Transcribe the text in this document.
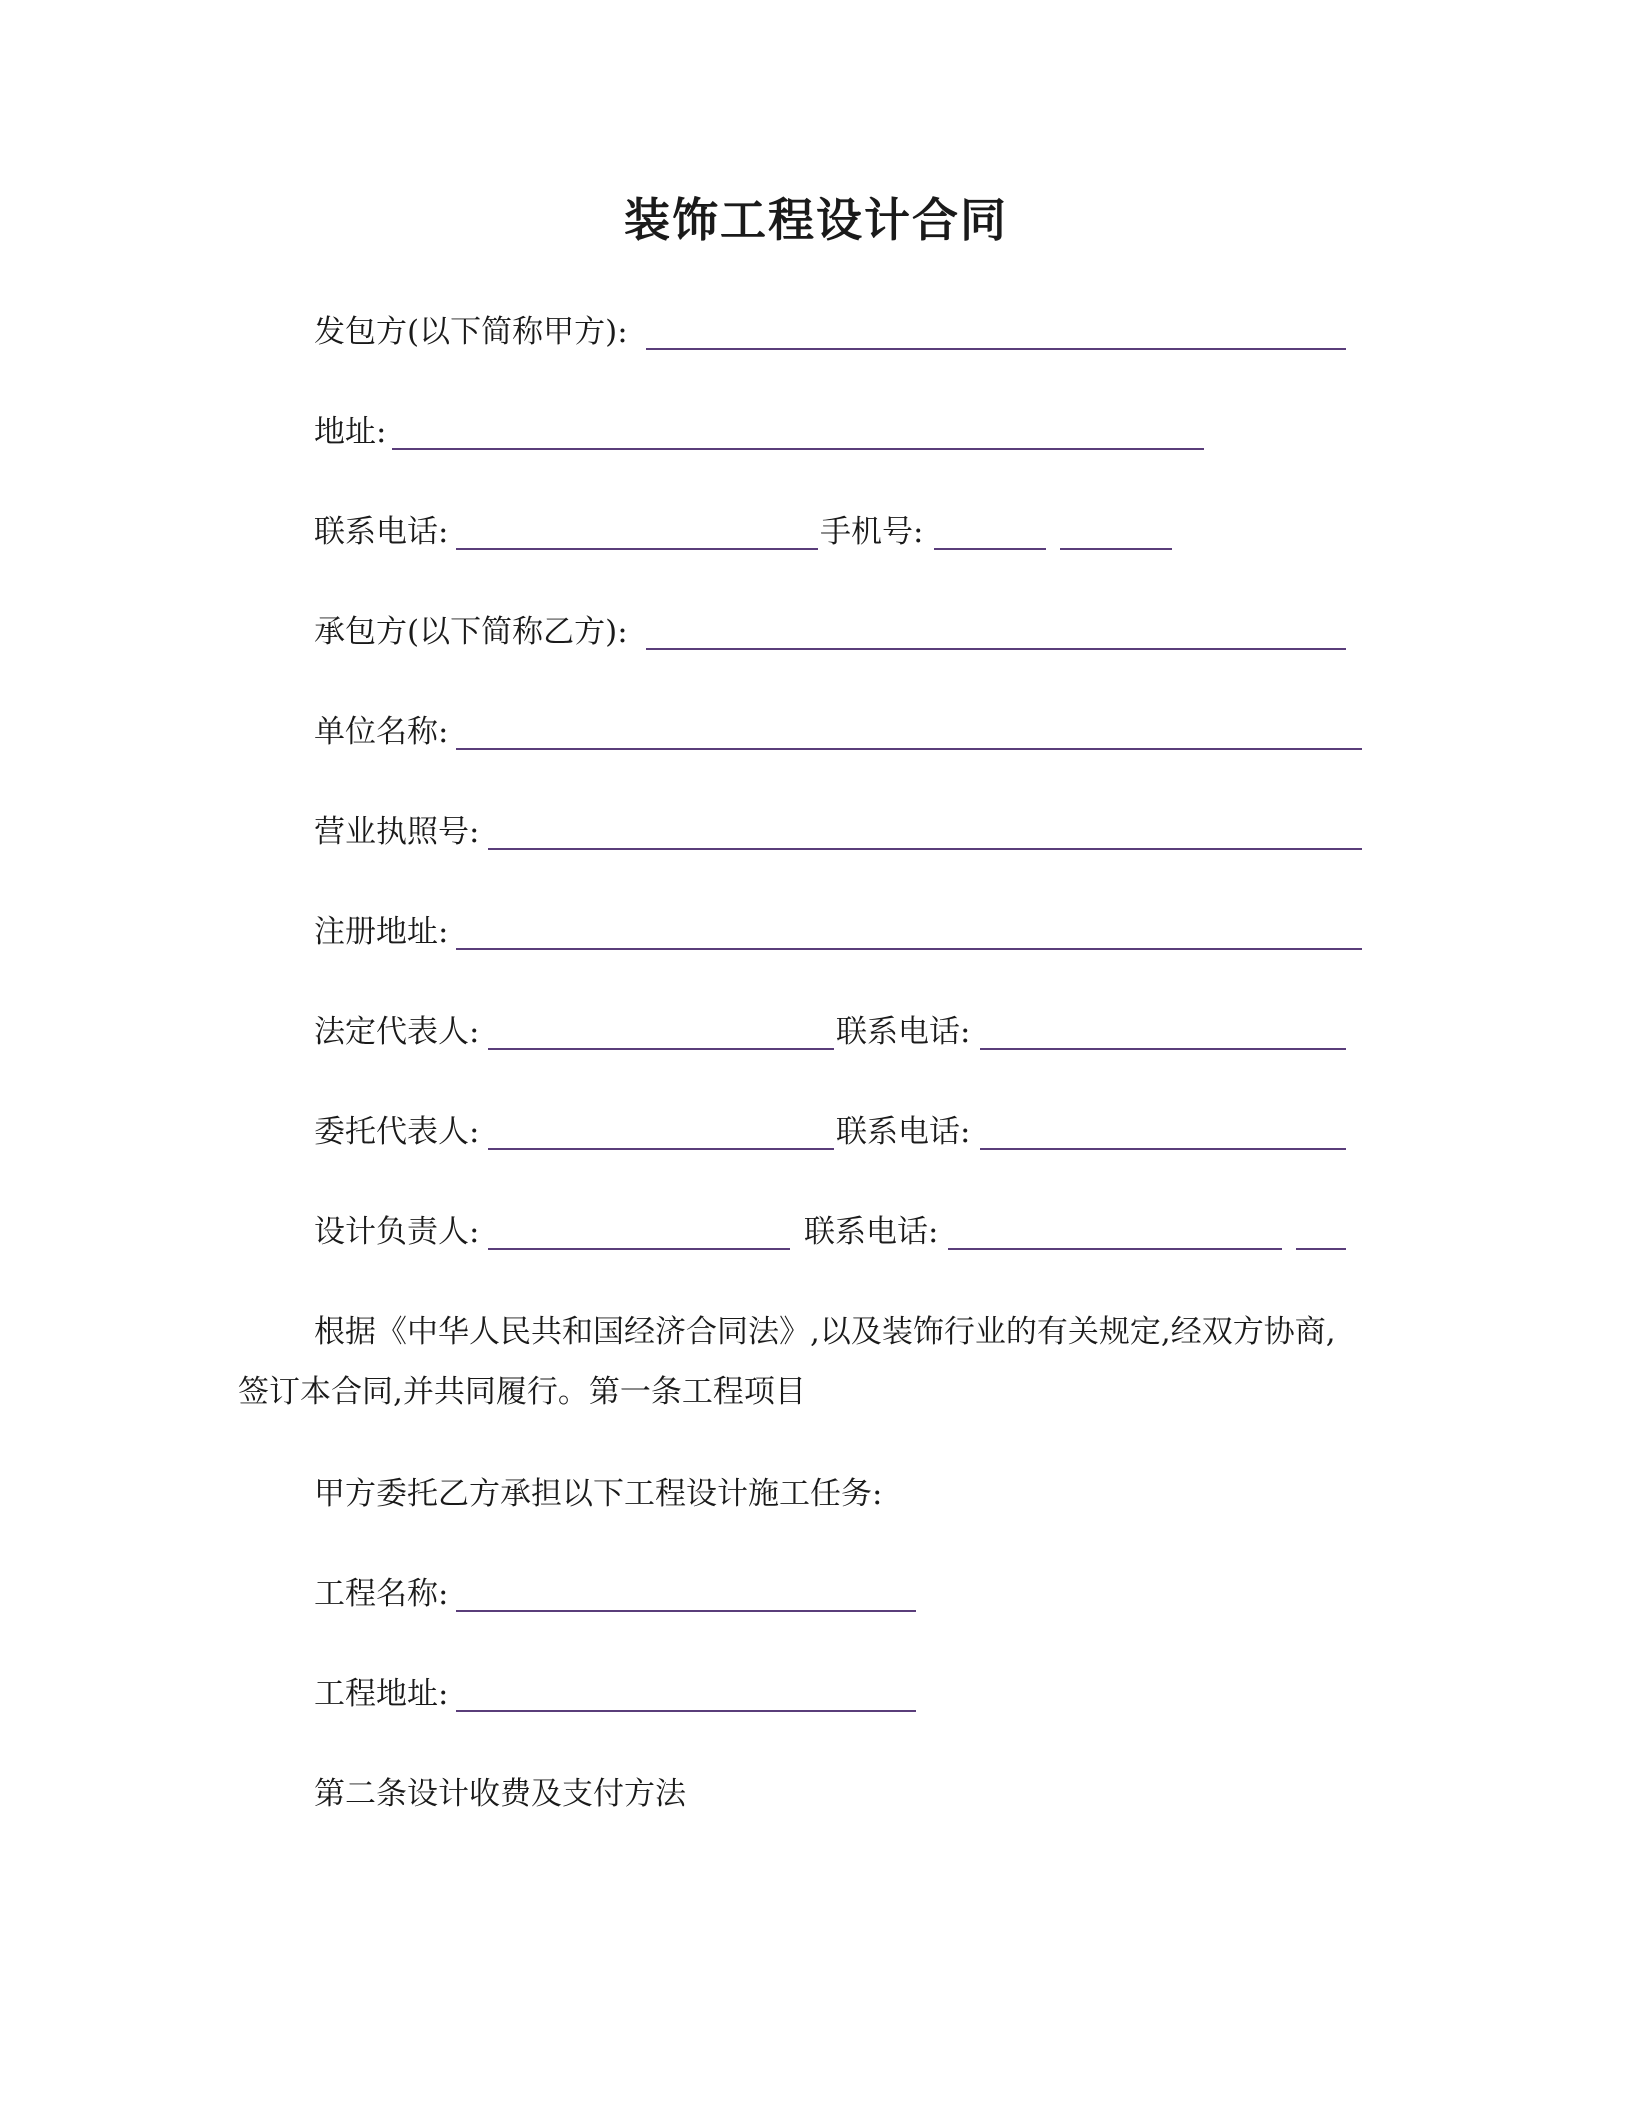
装饰工程设计合同
发包方(以下简称甲方):
地址:
联系电话:	手机号:
承包方(以下简称乙方):
单位名称:
营业执照号:
注册地址:
法定代表人:	联系电话:
委托代表人:	联系电话:
设计负责人:	联系电话:
根据《中华人民共和国经济合同法》,以及装饰行业的有关规定,经双方协商,
签订本合同,并共同履行。第一条工程项目
甲方委托乙方承担以下工程设计施工任务:
工程名称:
工程地址:
第二条设计收费及支付方法
